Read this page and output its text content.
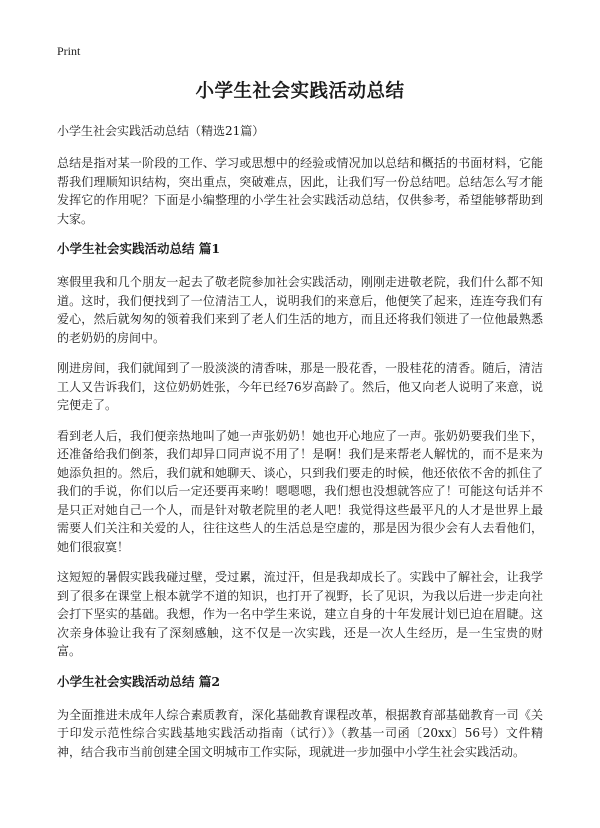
Print
小学生社会实践活动总结

小学生社会实践活动总结（精选21篇）

总结是指对某一阶段的工作、学习或思想中的经验或情况加以总结和概括的书面材料，它能帮我们理顺知识结构，突出重点，突破难点，因此，让我们写一份总结吧。总结怎么写才能发挥它的作用呢？下面是小编整理的小学生社会实践活动总结，仅供参考，希望能够帮助到大家。

小学生社会实践活动总结 篇1

寒假里我和几个朋友一起去了敬老院参加社会实践活动，刚刚走进敬老院，我们什么都不知道。这时，我们便找到了一位清洁工人，说明我们的来意后，他便笑了起来，连连夸我们有爱心，然后就匆匆的领着我们来到了老人们生活的地方，而且还将我们领进了一位他最熟悉的老奶奶的房间中。

刚进房间，我们就闻到了一股淡淡的清香味，那是一股花香，一股桂花的清香。随后，清洁工人又告诉我们，这位奶奶姓张，今年已经76岁高龄了。然后，他又向老人说明了来意，说完便走了。

看到老人后，我们便亲热地叫了她一声张奶奶！她也开心地应了一声。张奶奶要我们坐下，还准备给我们倒茶，我们却异口同声说不用了！是啊！我们是来帮老人解忧的，而不是来为她添负担的。然后，我们就和她聊天、谈心，只到我们要走的时候，他还依依不舍的抓住了我们的手说，你们以后一定还要再来哟！嗯嗯嗯，我们想也没想就答应了！可能这句话并不是只正对她自己一个人，而是针对敬老院里的老人吧！我觉得这些最平凡的人才是世界上最需要人们关注和关爱的人，往往这些人的生活总是空虚的，那是因为很少会有人去看他们，她们很寂寞！

这短短的暑假实践我碰过壁，受过累，流过汗，但是我却成长了。实践中了解社会，让我学到了很多在课堂上根本就学不道的知识，也打开了视野，长了见识，为我以后进一步走向社会打下坚实的基础。我想，作为一名中学生来说，建立自身的十年发展计划已迫在眉睫。这次亲身体验让我有了深刻感触，这不仅是一次实践，还是一次人生经历，是一生宝贵的财富。

小学生社会实践活动总结 篇2

为全面推进未成年人综合素质教育，深化基础教育课程改革，根据教育部基础教育一司《关于印发示范性综合实践基地实践活动指南（试行）》（教基一司函〔20xx〕56号）文件精神，结合我市当前创建全国文明城市工作实际，现就进一步加强中小学生社会实践活动。
